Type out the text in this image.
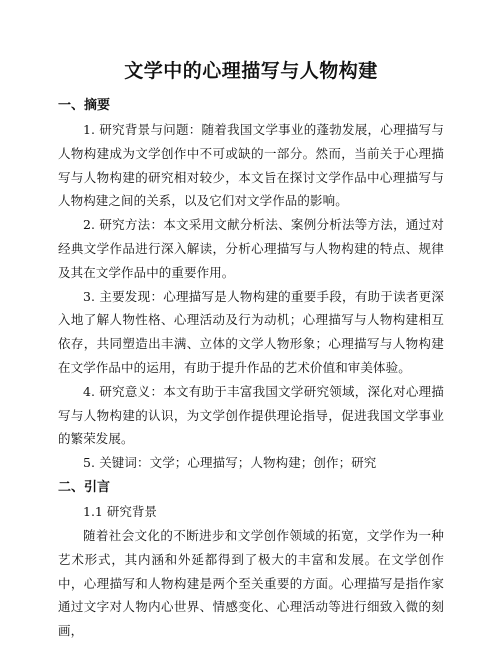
文学中的心理描写与人物构建
一、摘要

1. 研究背景与问题：随着我国文学事业的蓬勃发展，心理描写与人物构建成为文学创作中不可或缺的一部分。然而，当前关于心理描写与人物构建的研究相对较少，本文旨在探讨文学作品中心理描写与人物构建之间的关系，以及它们对文学作品的影响。

2. 研究方法：本文采用文献分析法、案例分析法等方法，通过对经典文学作品进行深入解读，分析心理描写与人物构建的特点、规律及其在文学作品中的重要作用。

3. 主要发现：心理描写是人物构建的重要手段，有助于读者更深入地了解人物性格、心理活动及行为动机；心理描写与人物构建相互依存，共同塑造出丰满、立体的文学人物形象；心理描写与人物构建在文学作品中的运用，有助于提升作品的艺术价值和审美体验。

4. 研究意义：本文有助于丰富我国文学研究领域，深化对心理描写与人物构建的认识，为文学创作提供理论指导，促进我国文学事业的繁荣发展。

5. 关键词：文学；心理描写；人物构建；创作；研究

二、引言

1.1 研究背景

随着社会文化的不断进步和文学创作领域的拓宽，文学作为一种艺术形式，其内涵和外延都得到了极大的丰富和发展。在文学创作中，心理描写和人物构建是两个至关重要的方面。心理描写是指作家通过文字对人物内心世界、情感变化、心理活动等进行细致入微的刻画，
